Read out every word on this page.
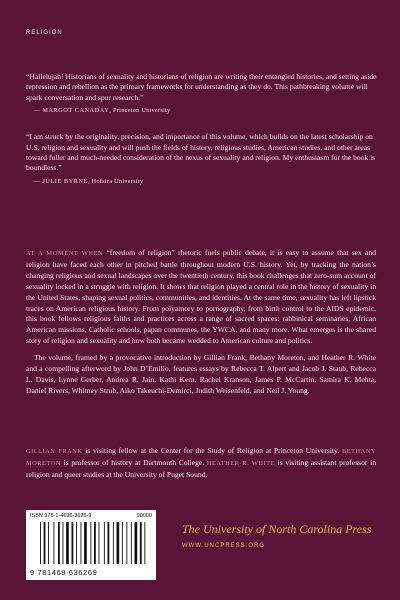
RELIGION

“Hallelujah! Historians of sexuality and historians of religion are writing their entangled histories, and setting aside repression and rebellion as the primary frameworks for understanding as they do. This pathbreaking volume will spark conversation and spur research.”

— MARGOT CANADAY, Princeton University

“I am struck by the originality, precision, and importance of this volume, which builds on the latest scholarship on U.S. religion and sexuality and will push the fields of history, religious studies, American studies, and other areas toward fuller and much-needed consideration of the nexus of sexuality and religion. My enthusiasm for the book is boundless.”

— JULIE BYRNE, Hofstra University

AT A MOMENT WHEN “freedom of religion” rhetoric fuels public debate, it is easy to assume that sex and religion have faced each other in pitched battle throughout modern U.S. history. Yet, by tracking the nation’s changing religious and sexual landscapes over the twentieth century, this book challenges that zero-sum account of sexuality locked in a struggle with religion. It shows that religion played a central role in the history of sexuality in the United States, shaping sexual politics, communities, and identities. At the same time, sexuality has left lipstick traces on American religious history. From polyamory to pornography, from birth control to the AIDS epidemic, this book follows religious faiths and practices across a range of sacred spaces: rabbinical seminaries, African American missions, Catholic schools, papan communes, the YWCA, and many more. What emerges is the shared story of religion and sexuality and how both became wedded to American culture and politics.

The volume, framed by a provocative introduction by Gillian Frank, Bethany Moreton, and Heather R. White and a compelling afterword by John D’Emilio, features essays by Rebecca T. Alpert and Jacob J. Staub, Rebecca L. Davis, Lynne Gerber, Andrea R. Jain, Kathi Kern, Rachel Kranson, James P. McCartin, Samira K. Mehta, Daniel Rivers, Whitney Strub, Aiko Takeuchi-Demirci, Judith Weisenfeld, and Neil J. Young.

GILLIAN FRANK is visiting fellow at the Center for the Study of Religion at Princeton University. BETHANY MORETON is professor of history at Dartmouth College. HEATHER R. WHITE is visiting assistant professor in religion and queer studies at the University of Puget Sound.
ISBN 978-1-4696-3626-9	90000
9 781469 636269
The University of North Carolina Press
WWW.UNCPRESS.ORG
